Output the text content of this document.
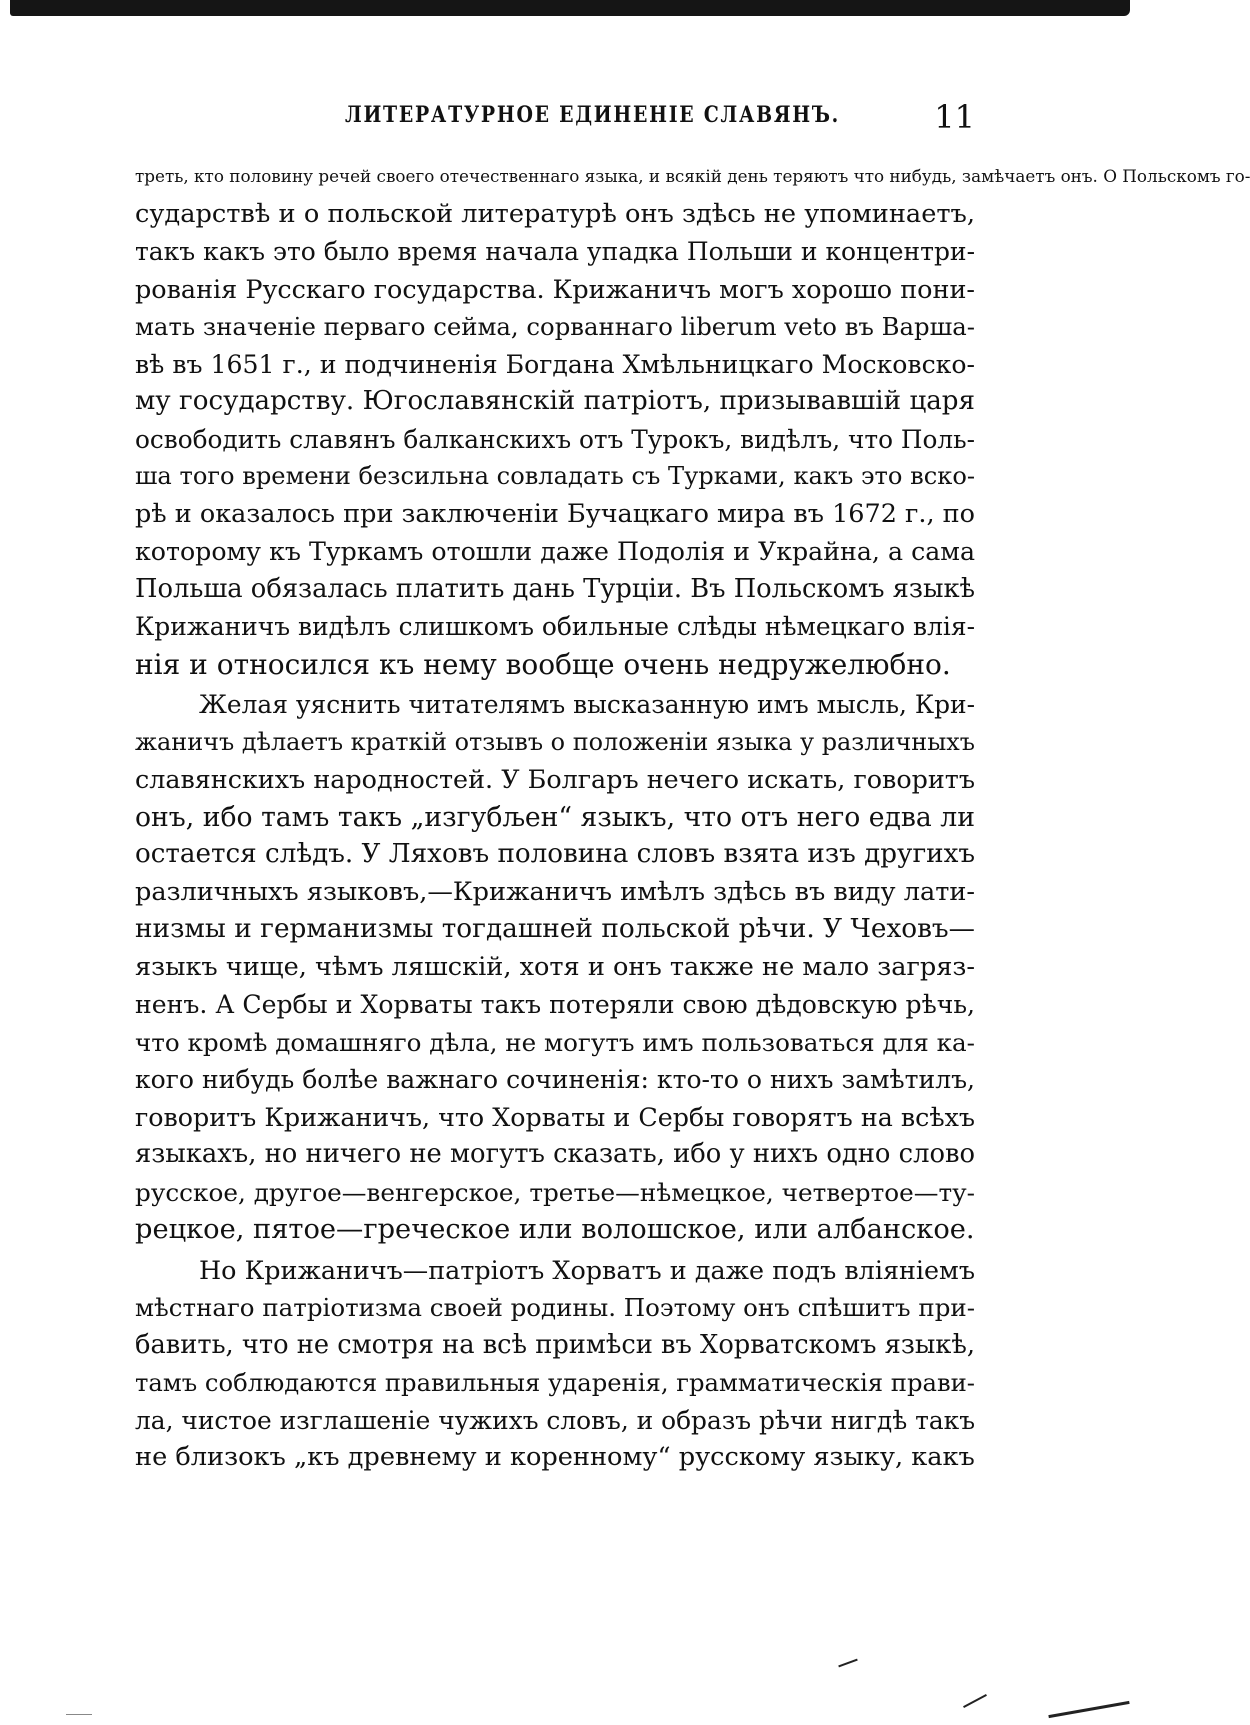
ЛИТЕРАТУРНОЕ ЕДИНЕНІЕ СЛАВЯНЪ.	11
треть, кто половину речей своего отечественнаго языка, и всякій день теряютъ что нибудь, замѣчаетъ онъ. О Польскомъ го-
сударствѣ и о польской литературѣ онъ здѣсь не упоминаетъ,
такъ какъ это было время начала упадка Польши и концентри-
рованія Русскаго государства. Крижаничъ могъ хорошо пони-
мать значеніе перваго сейма, сорваннаго liberum veto въ Варша-
вѣ въ 1651 г., и подчиненія Богдана Хмѣльницкаго Московско-
му государству. Югославянскій патріотъ, призывавшій царя
освободить славянъ балканскихъ отъ Турокъ, видѣлъ, что Поль-
ша того времени безсильна совладать съ Турками, какъ это вско-
рѣ и оказалось при заключеніи Бучацкаго мира въ 1672 г., по
которому къ Туркамъ отошли даже Подолія и Украйна, а сама
Польша обязалась платить дань Турціи. Въ Польскомъ языкѣ
Крижаничъ видѣлъ слишкомъ обильные слѣды нѣмецкаго влія-
нія и относился къ нему вообще очень недружелюбно.
Желая уяснить читателямъ высказанную имъ мысль, Кри-
жаничъ дѣлаетъ краткій отзывъ о положеніи языка у различныхъ
славянскихъ народностей. У Болгаръ нечего искать, говоритъ
онъ, ибо тамъ такъ „изгубљен“ языкъ, что отъ него едва ли
остается слѣдъ. У Ляховъ половина словъ взята изъ другихъ
различныхъ языковъ,—Крижаничъ имѣлъ здѣсь въ виду лати-
низмы и германизмы тогдашней польской рѣчи. У Чеховъ—
языкъ чище, чѣмъ ляшскій, хотя и онъ также не мало загряз-
ненъ. А Сербы и Хорваты такъ потеряли свою дѣдовскую рѣчь,
что кромѣ домашняго дѣла, не могутъ имъ пользоваться для ка-
кого нибудь болѣе важнаго сочиненія: кто-то о нихъ замѣтилъ,
говоритъ Крижаничъ, что Хорваты и Сербы говорятъ на всѣхъ
языкахъ, но ничего не могутъ сказать, ибо у нихъ одно слово
русское, другое—венгерское, третье—нѣмецкое, четвертое—ту-
рецкое, пятое—греческое или волошское, или албанское.
Но Крижаничъ—патріотъ Хорватъ и даже подъ вліяніемъ
мѣстнаго патріотизма своей родины. Поэтому онъ спѣшитъ при-
бавить, что не смотря на всѣ примѣси въ Хорватскомъ языкѣ,
тамъ соблюдаются правильныя ударенія, грамматическія прави-
ла, чистое изглашеніе чужихъ словъ, и образъ рѣчи нигдѣ такъ
не близокъ „къ древнему и коренному“ русскому языку, какъ
